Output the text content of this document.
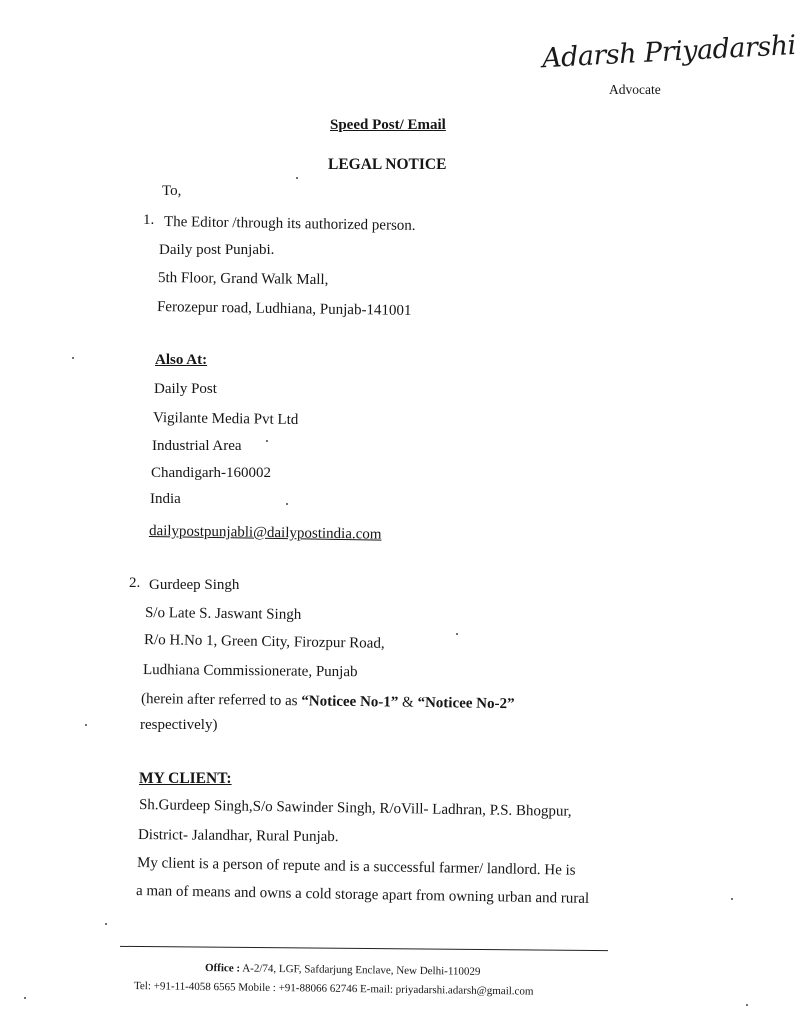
Adarsh Priyadarshi
Advocate
Speed Post/ Email
LEGAL NOTICE
To,
1. The Editor /through its authorized person.
Daily post Punjabi.
5th Floor, Grand Walk Mall,
Ferozepur road, Ludhiana, Punjab-141001
Also At:
Daily Post
Vigilante Media Pvt Ltd
Industrial Area
Chandigarh-160002
India
dailypostpunjabli@dailypostindia.com
2. Gurdeep Singh
S/o Late S. Jaswant Singh
R/o H.No 1, Green City, Firozpur Road,
Ludhiana Commissionerate, Punjab
(herein after referred to as “Noticee No-1” & “Noticee No-2”
respectively)
MY CLIENT:
Sh.Gurdeep Singh,S/o Sawinder Singh, R/oVill- Ladhran, P.S. Bhogpur,
District- Jalandhar, Rural Punjab.
My client is a person of repute and is a successful farmer/ landlord. He is
a man of means and owns a cold storage apart from owning urban and rural
Office : A-2/74, LGF, Safdarjung Enclave, New Delhi-110029
Tel: +91-11-4058 6565 Mobile : +91-88066 62746 E-mail: priyadarshi.adarsh@gmail.com
